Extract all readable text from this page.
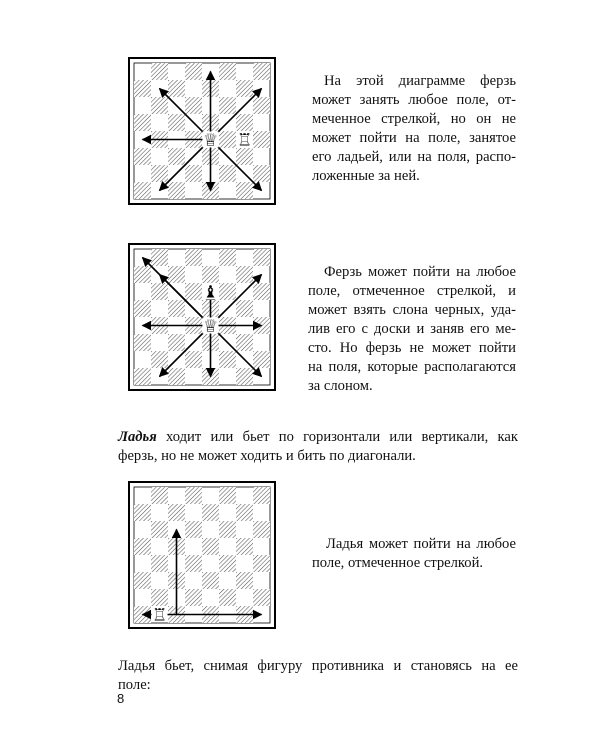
♕ ♖
На этой диаграмме ферзь
может занять любое поле, от-
меченное стрелкой, но он не
может пойти на поле, занятое
его ладьей, или на поля, распо-
ложенные за ней.
♝
♕
Ферзь может пойти на любое
поле, отмеченное стрелкой, и
может взять слона черных, уда-
лив его с доски и заняв его ме-
сто. Но ферзь не может пойти
на поля, которые располагаются
за слоном.
Ладья ходит или бьет по горизонтали или вертикали, как
ферзь, но не может ходить и бить по диагонали.
♖
Ладья может пойти на любое
поле, отмеченное стрелкой.
Ладья бьет, снимая фигуру противника и становясь на ее
поле:
8
